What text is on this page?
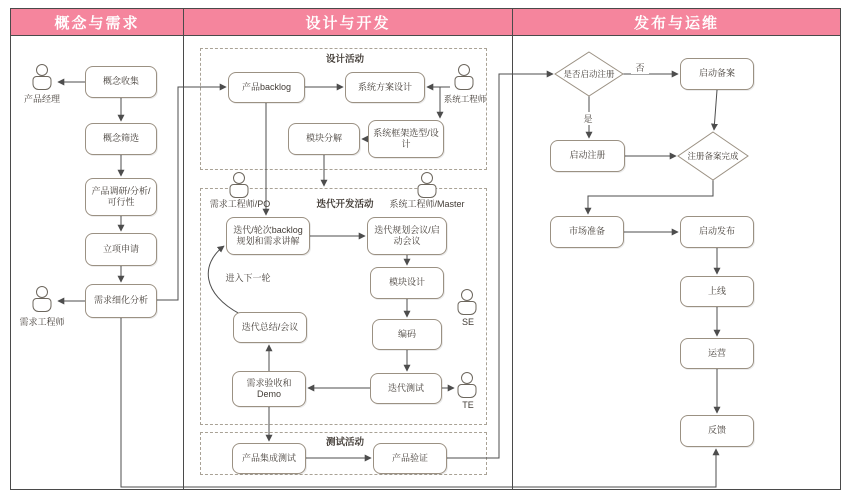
概念与需求	设计与开发	发布与运维
设计活动
迭代开发活动
测试活动
概念收集
概念筛选
产品调研/分析/可行性
立项申请
需求细化分析
产品backlog	系统方案设计
模块分解
系统框架选型/设计
迭代/轮次backlog规划和需求讲解
迭代规划会议/启动会议
模块设计
编码
迭代测试
需求验收和Demo
迭代总结/会议
产品集成测试	产品验证
启动备案
启动注册
市场准备	启动发布
上线
运营
反馈
是否启动注册
注册备案完成
否
是
进入下一轮
产品经理
需求工程师
系统工程师
需求工程师/PO	系统工程师/Master
SE
TE
